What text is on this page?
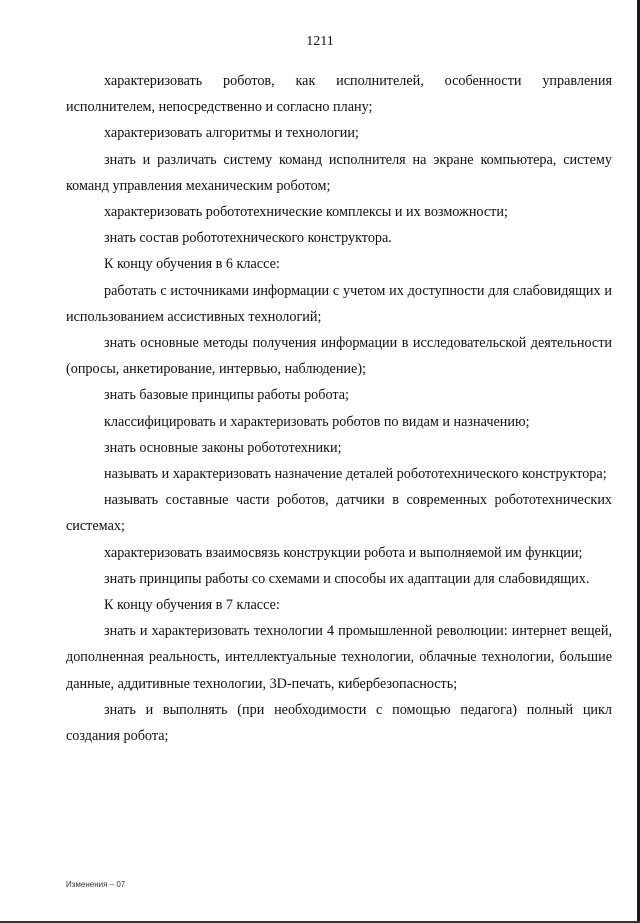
1211

характеризовать роботов, как исполнителей, особенности управления исполнителем, непосредственно и согласно плану;

характеризовать алгоритмы и технологии;

знать и различать систему команд исполнителя на экране компьютера, систему команд управления механическим роботом;

характеризовать робототехнические комплексы и их возможности;

знать состав робототехнического конструктора.

К концу обучения в 6 классе:

работать с источниками информации с учетом их доступности для слабовидящих и использованием ассистивных технологий;

знать основные методы получения информации в исследовательской деятельности (опросы, анкетирование, интервью, наблюдение);

знать базовые принципы работы робота;

классифицировать и характеризовать роботов по видам и назначению;

знать основные законы робототехники;

называть и характеризовать назначение деталей робототехнического конструктора;

называть составные части роботов, датчики в современных робототехнических системах;

характеризовать взаимосвязь конструкции робота и выполняемой им функции;

знать принципы работы со схемами и способы их адаптации для слабовидящих.

К концу обучения в 7 классе:

знать и характеризовать технологии 4 промышленной революции: интернет вещей, дополненная реальность, интеллектуальные технологии, облачные технологии, большие данные, аддитивные технологии, 3D-печать, кибербезопасность;

знать и выполнять (при необходимости с помощью педагога) полный цикл создания робота;

Изменения – 07
